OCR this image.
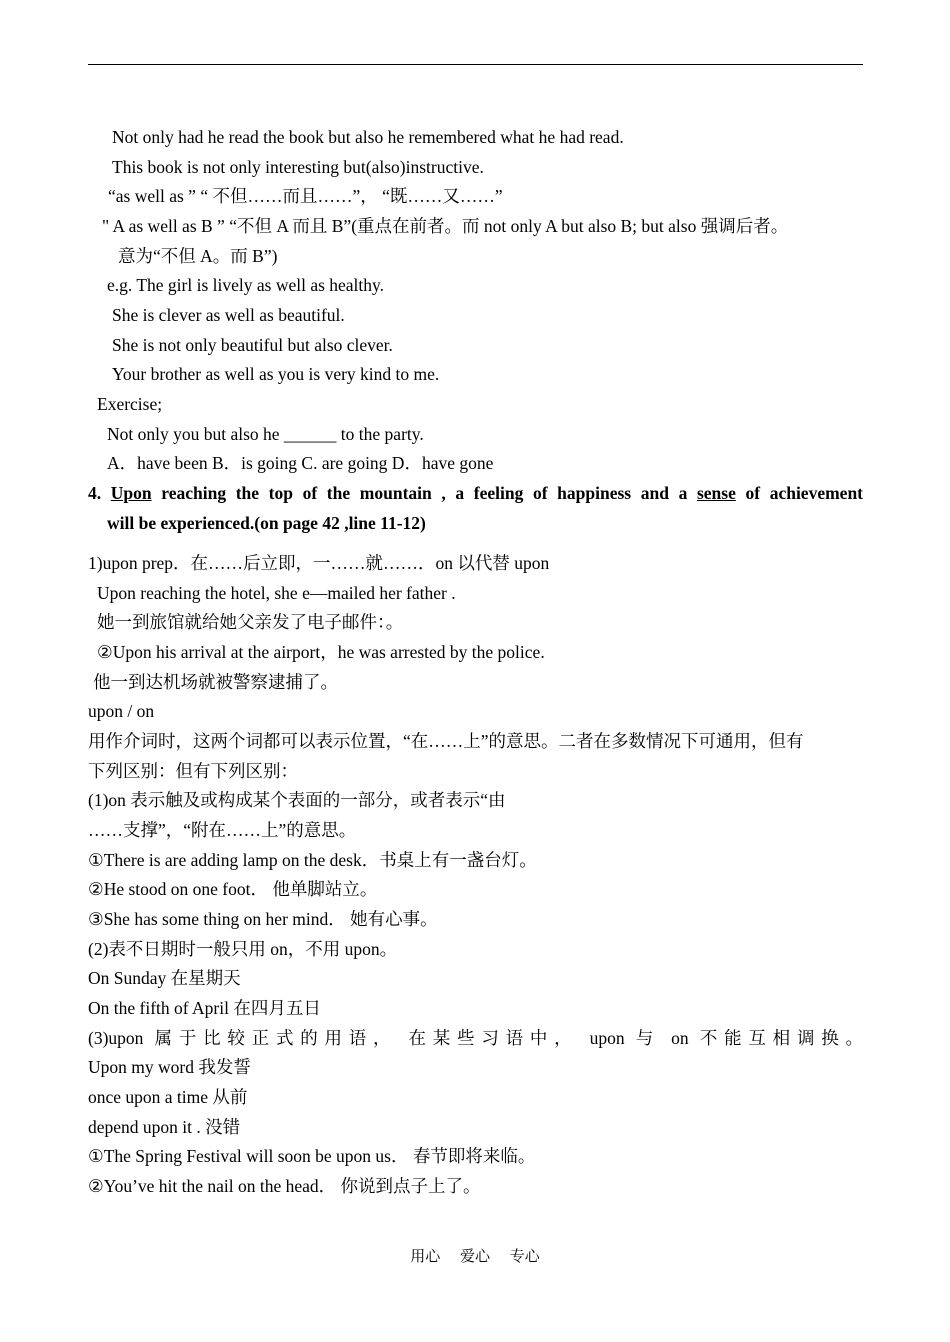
Not only had he read the book but also he remembered what he had read.
This book is not only interesting but(also)instructive.
“as well as ” “ 不但……而且……”， “既……又……”
" A as well as B ” “不但 A 而且 B”(重点在前者。而 not only A but also B; but also 强调后者。
意为“不但 A。而 B”)
e.g. The girl is lively as well as healthy.
She is clever as well as beautiful.
She is not only beautiful but also clever.
Your brother as well as you is very kind to me.
Exercise;
Not only you but also he ______ to the party.
A．have been B．is going C. are going D．have gone
4. Upon reaching the top of the mountain , a feeling of happiness and a sense of achievement
will be experienced.(on page 42 ,line 11-12)
1)upon prep．在……后立即，一……就……．on 以代替 upon
Upon reaching the hotel, she e—mailed her father .
她一到旅馆就给她父亲发了电子邮件：。
②Upon his arrival at the airport，he was arrested by the police.
他一到达机场就被警察逮捕了。
upon / on
用作介词时，这两个词都可以表示位置，“在……上”的意思。二者在多数情况下可通用，但有
下列区别：但有下列区别：
(1)on 表示触及或构成某个表面的一部分，或者表示“由
……支撑”，“附在……上”的意思。
①There is are adding lamp on the desk．书桌上有一盏台灯。
②He stood on one foot． 他单脚站立。
③She has some thing on her mind． 她有心事。
(2)表不日期时一般只用 on，不用 upon。
On Sunday 在星期天
On the fifth of April 在四月五日
(3)upon 属于比较正式的用语， 在某些习语中， upon 与 on 不能互相调换。
Upon my word 我发誓
once upon a time 从前
depend upon it . 没错
①The Spring Festival will soon be upon us． 春节即将来临。
②You’ve hit the nail on the head． 你说到点子上了。
用心 爱心 专心
